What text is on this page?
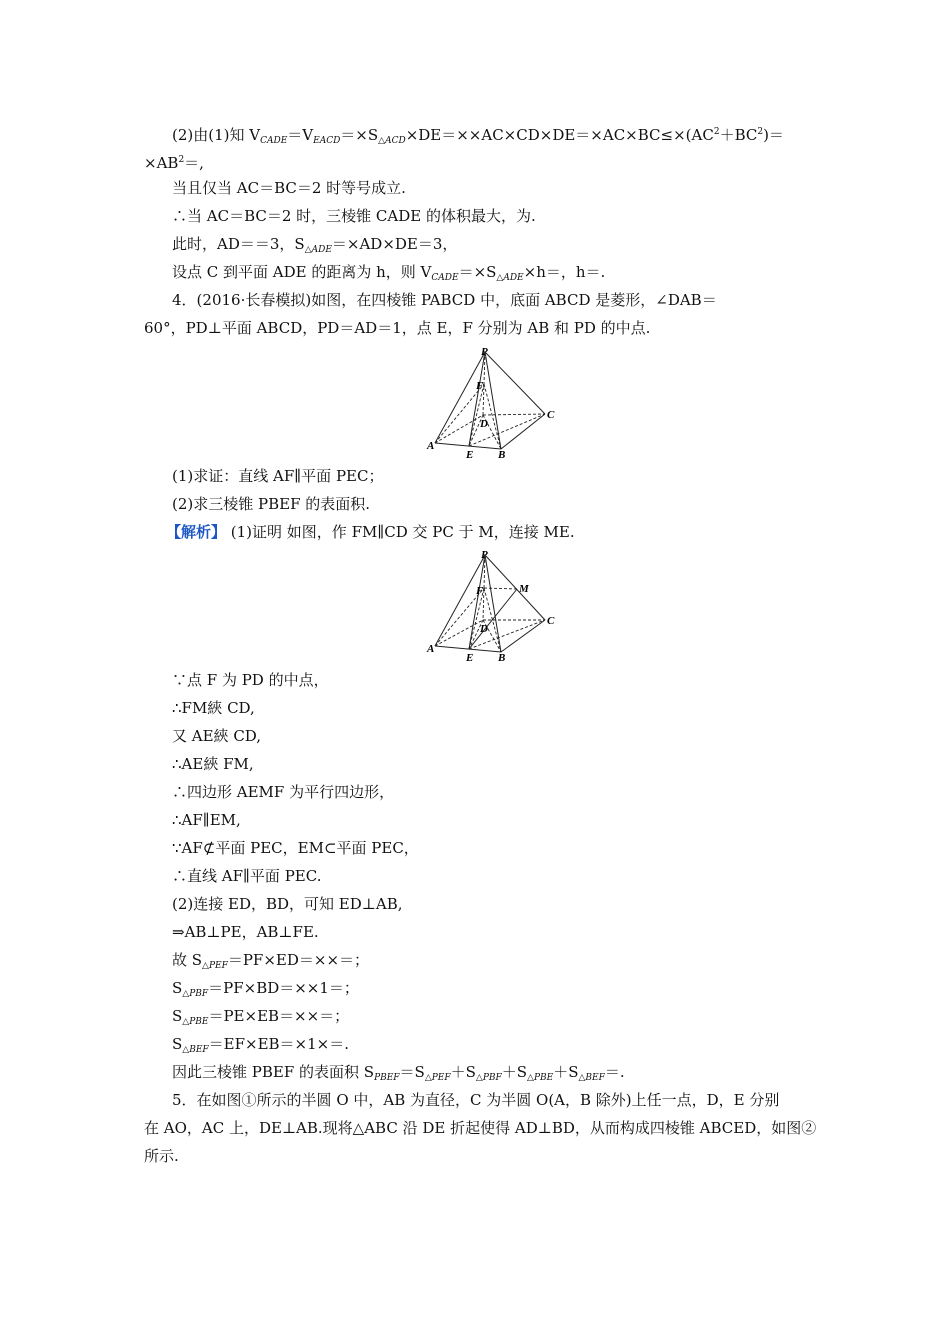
(2)由(1)知 $V_{CADE}=V_{EACD}=\times S_{\triangle ACD}\times DE=\times\times AC\times CD\times DE=\times AC\times BC\le\times(AC^2+BC^2)=$
$\times AB^2=$,
当且仅当 AC＝BC＝2 时等号成立.
∴当 AC＝BC＝2 时，三棱锥 CADE 的体积最大，为.
此时，AD＝＝3，$S_{\triangle ADE}=\times AD\times DE=3$，
设点 C 到平面 ADE 的距离为 h，则 $V_{CADE}=\times S_{\triangle ADE}\times h=$，h＝.
4．(2016·长春模拟)如图，在四棱锥 PABCD 中，底面 ABCD 是菱形，∠DAB＝
60°，PD⊥平面 ABCD，PD＝AD＝1，点 E，F 分别为 AB 和 PD 的中点.
P
F
D
C
A
E B
(1)求证：直线 AF∥平面 PEC；
(2)求三棱锥 PBEF 的表面积.
【解析】 (1)证明 如图，作 FM∥CD 交 PC 于 M，连接 ME.
P
F	M
D
C
A
E B
∵点 F 为 PD 的中点，
∴FM綊 CD,
又 AE綊 CD,
∴AE綊 FM,
∴四边形 AEMF 为平行四边形，
∴AF∥EM,
∵AF⊄平面 PEC，EM⊂平面 PEC，
∴直线 AF∥平面 PEC.
(2)连接 ED，BD，可知 ED⊥AB,
⇒AB⊥PE，AB⊥FE.
故 $S_{\triangle PEF}=PF\times ED=\times\times=$；
$S_{\triangle PBF}=PF\times BD=\times\times 1=$；
$S_{\triangle PBE}=PE\times EB=\times\times=$；
$S_{\triangle BEF}=EF\times EB=\times 1\times=$.
因此三棱锥 PBEF 的表面积 $S_{PBEF}=S_{\triangle PEF}+S_{\triangle PBF}+S_{\triangle PBE}+S_{\triangle BEF}=$.
5．在如图①所示的半圆 O 中，AB 为直径，C 为半圆 O(A，B 除外)上任一点，D，E 分别
在 AO，AC 上，DE⊥AB.现将△ABC 沿 DE 折起使得 AD⊥BD，从而构成四棱锥 ABCED，如图②
所示.
